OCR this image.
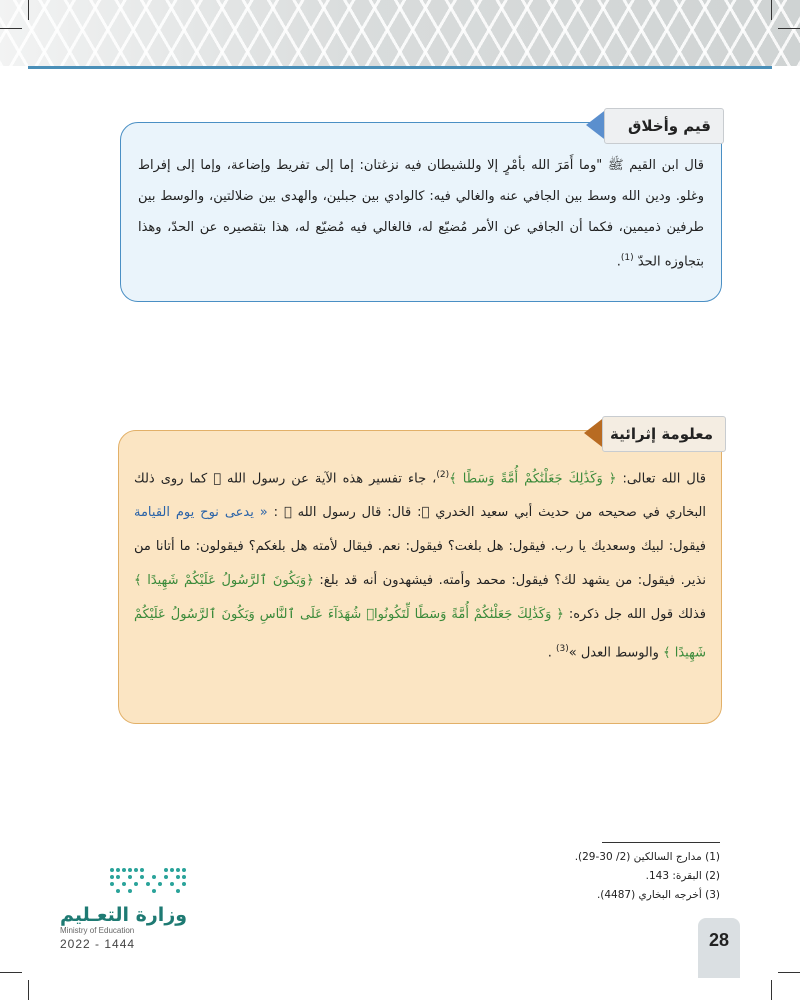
قيم وأخلاق
قال ابن القيم ﷺ "وما أَمَرَ الله بأمْرٍ إلا وللشيطان فيه نزغتان: إما إلى تفريط وإضاعة، وإما إلى إفراط وغلو. ودين الله وسط بين الجافي عنه والغالي فيه: كالوادي بين جبلين، والهدى بين ضلالتين، والوسط بين طرفين ذميمين، فكما أن الجافي عن الأمر مُضيّع له، فالغالي فيه مُضيّع له، هذا بتقصيره عن الحدّ، وهذا بتجاوزه الحدّ $^{(1)}$.
معلومة إثرائية
قال الله تعالى: ﴿ وَكَذَٰلِكَ جَعَلْنَٰكُمْ أُمَّةً وَسَطًا ﴾$^{(2)}$، جاء تفسير هذه الآية عن رسول الله ﷺ كما روى ذلك البخاري في صحيحه من حديث أبي سعيد الخدري ﷺ: قال: قال رسول الله ﷺ : « يدعى نوح يوم القيامة فيقول: لبيك وسعديك يا رب. فيقول: هل بلغت؟ فيقول: نعم. فيقال لأمته هل بلغكم؟ فيقولون: ما أتانا من نذير. فيقول: من يشهد لك؟ فيقول: محمد وأمته. فيشهدون أنه قد بلغ: ﴿وَيَكُونَ ٱلرَّسُولُ عَلَيْكُمْ شَهِيدًا ﴾ فذلك قول الله جل ذكره: ﴿ وَكَذَٰلِكَ جَعَلْنَٰكُمْ أُمَّةً وَسَطًا لِّتَكُونُوا۟ شُهَدَآءَ عَلَى ٱلنَّاسِ وَيَكُونَ ٱلرَّسُولُ عَلَيْكُمْ شَهِيدًا ﴾ والوسط العدل »$^{(3)}$ .
(1) مدارج السالكين (2/ 30-29).
(2) البقرة: 143.
(3) أخرجه البخاري (4487).
وزارة التعـليم
Ministry of Education
2022 - 1444	28
